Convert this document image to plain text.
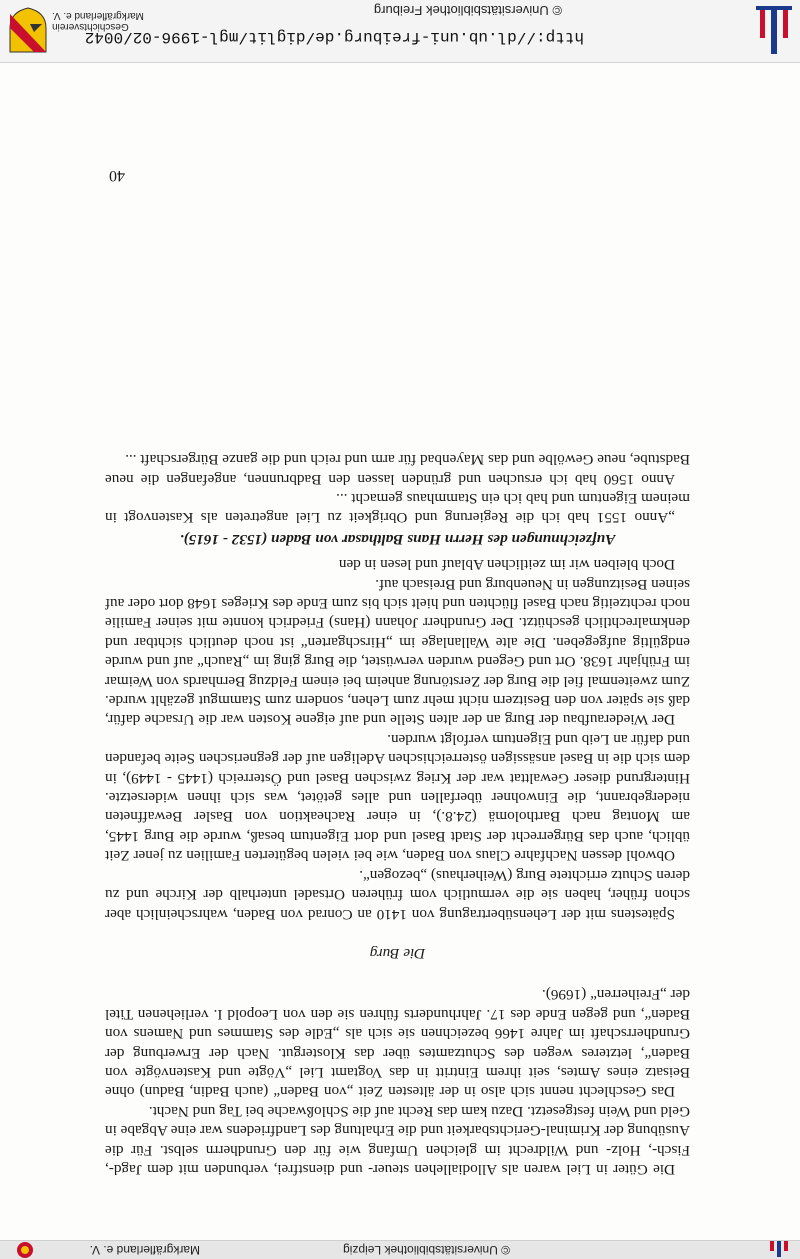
© Universitätsbibliothek Leipzig
Markgräflerland e. V.

Die Güter in Liel waren als Allodiallehen steuer- und dienstfrei, verbunden mit dem Jagd-, Fisch-, Holz- und Wildrecht im gleichen Umfang wie für den Grundherrn selbst. Für die Ausübung der Kriminal-Gerichtsbarkeit und die Erhaltung des Landfriedens war eine Abgabe in Geld und Wein festgesetzt. Dazu kam das Recht auf die Schloßwache bei Tag und Nacht.

Das Geschlecht nennt sich also in der ältesten Zeit „von Baden“ (auch Badin, Badun) ohne Beisatz eines Amtes, seit ihrem Eintritt in das Vogtamt Liel „Vögte und Kastenvögte von Baden“, letzteres wegen des Schutzamtes über das Klostergut. Nach der Erwerbung der Grundherrschaft im Jahre 1466 bezeichnen sie sich als „Edle des Stammes und Namens von Baden“, und gegen Ende des 17. Jahrhunderts führen sie den von Leopold I. verliehenen Titel der „Freiherren“ (1696).

Die Burg

Spätestens mit der Lehensübertragung von 1410 an Conrad von Baden, wahrscheinlich aber schon früher, haben sie die vermutlich vom früheren Ortsadel unterhalb der Kirche und zu deren Schutz errichtete Burg (Weiherhaus) „bezogen“.

Obwohl dessen Nachfahre Claus von Baden, wie bei vielen begüterten Familien zu jener Zeit üblich, auch das Bürgerrecht der Stadt Basel und dort Eigentum besaß, wurde die Burg 1445, am Montag nach Bartholomä (24.8.), in einer Racheaktion von Basler Bewaffneten niedergebrannt, die Einwohner überfallen und alles getötet, was sich ihnen widersetzte. Hintergrund dieser Gewalttat war der Krieg zwischen Basel und Österreich (1445 - 1449), in dem sich die in Basel ansässigen österreichischen Adeligen auf der gegnerischen Seite befanden und dafür an Leib und Eigentum verfolgt wurden.

Der Wiederaufbau der Burg an der alten Stelle und auf eigene Kosten war die Ursache dafür, daß sie später von den Besitzern nicht mehr zum Lehen, sondern zum Stammgut gezählt wurde. Zum zweitenmal fiel die Burg der Zerstörung anheim bei einem Feldzug Bernhards von Weimar im Frühjahr 1638. Ort und Gegend wurden verwüstet, die Burg ging im „Rauch“ auf und wurde endgültig aufgegeben. Die alte Wallanlage im „Hirschgarten“ ist noch deutlich sichtbar und denkmalrechtlich geschützt. Der Grundherr Johann (Hans) Friedrich konnte mit seiner Familie noch rechtzeitig nach Basel flüchten und hielt sich bis zum Ende des Krieges 1648 dort oder auf seinen Besitzungen in Neuenburg und Breisach auf.

Doch bleiben wir im zeitlichen Ablauf und lesen in den

Aufzeichnungen des Herrn Hans Balthasar von Baden (1532 - 1615).

„Anno 1551 hab ich die Regierung und Obrigkeit zu Liel angetreten als Kastenvogt in meinem Eigentum und hab ich ein Stammhaus gemacht ...

Anno 1560 hab ich ersuchen und gründen lassen den Badbrunnen, angefangen die neue Badstube, neue Gewölbe und das Mayenbad für arm und reich und die ganze Bürgerschaft ...

40
http://dl.ub.uni-freiburg.de/diglit/mgl-1996-02/0042
© Universitätsbibliothek Freiburg
Geschichtsverein
Markgräflerland e. V.
